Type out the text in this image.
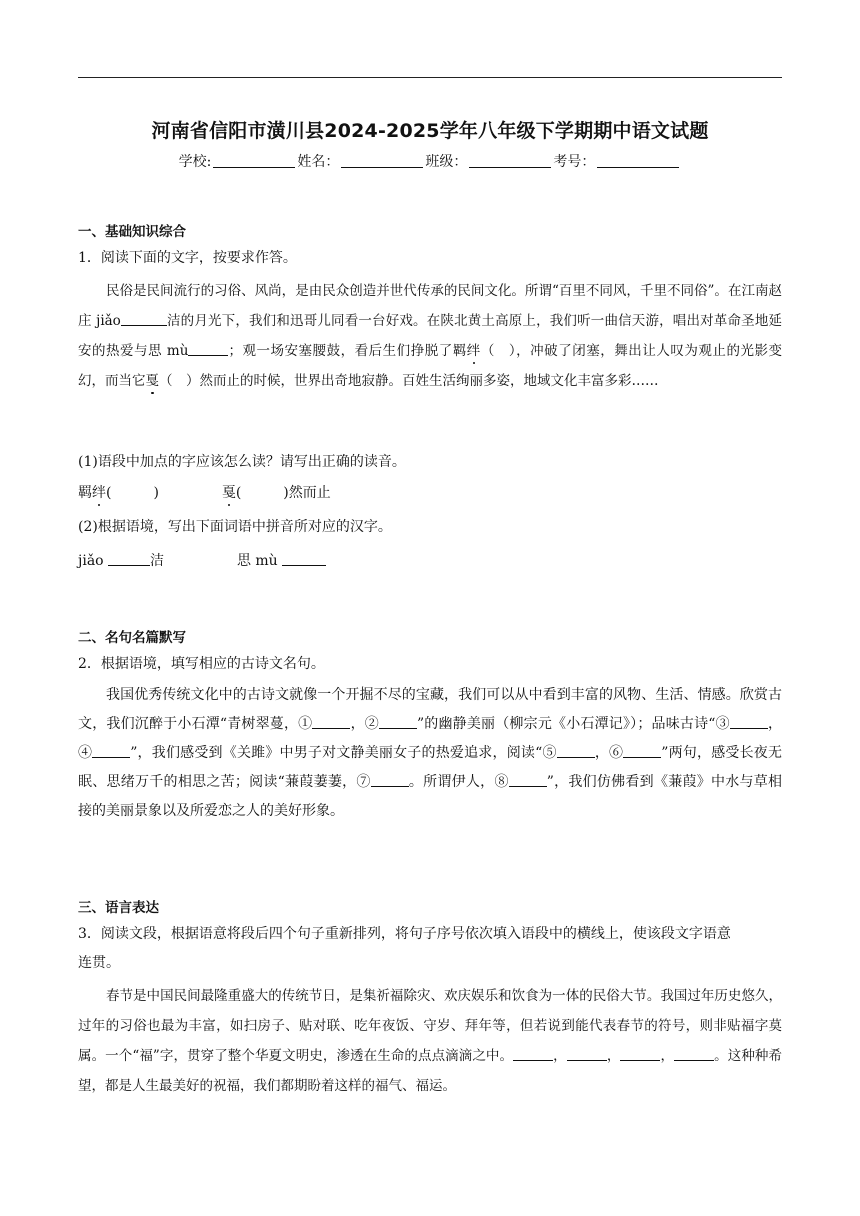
河南省信阳市潢川县2024-2025学年八年级下学期期中语文试题
学校:	姓名：	班级：	考号：
一、基础知识综合
1．阅读下面的文字，按要求作答。

民俗是民间流行的习俗、风尚，是由民众创造并世代传承的民间文化。所谓“百里不同风，千里不同俗”。在江南赵庄 jiǎo	洁的月光下，我们和迅哥儿同看一台好戏。在陕北黄土高原上，我们听一曲信天游，唱出对革命圣地延安的热爱与思 mù	；观一场安塞腰鼓，看后生们挣脱了羁绊（　），冲破了闭塞，舞出让人叹为观止的光影变幻，而当它戛（　）然而止的时候，世界出奇地寂静。百姓生活绚丽多姿，地域文化丰富多彩……

(1)语段中加点的字应该怎么读？请写出正确的读音。
羁绊(　　　)	戛(　　　)然而止
(2)根据语境，写出下面词语中拼音所对应的汉字。
jiǎo	洁	思 mù
二、名句名篇默写
2．根据语境，填写相应的古诗文名句。

我国优秀传统文化中的古诗文就像一个开掘不尽的宝藏，我们可以从中看到丰富的风物、生活、情感。欣赏古文，我们沉醉于小石潭“青树翠蔓，①	，②	”的幽静美丽（柳宗元《小石潭记》）；品味古诗“③	，④	”，我们感受到《关雎》中男子对文静美丽女子的热爱追求，阅读“⑤	，⑥	”两句，感受长夜无眠、思绪万千的相思之苦；阅读“蒹葭萋萋，⑦	。所谓伊人，⑧	”，我们仿佛看到《蒹葭》中水与草相接的美丽景象以及所爱恋之人的美好形象。

三、语言表达
3．阅读文段，根据语意将段后四个句子重新排列，将句子序号依次填入语段中的横线上，使该段文字语意
连贯。

春节是中国民间最隆重盛大的传统节日，是集祈福除灾、欢庆娱乐和饮食为一体的民俗大节。我国过年历史悠久，过年的习俗也最为丰富，如扫房子、贴对联、吃年夜饭、守岁、拜年等，但若说到能代表春节的符号，则非贴福字莫属。一个“福”字，贯穿了整个华夏文明史，渗透在生命的点点滴滴之中。	，	，	，	。这种种希望，都是人生最美好的祝福，我们都期盼着这样的福气、福运。
